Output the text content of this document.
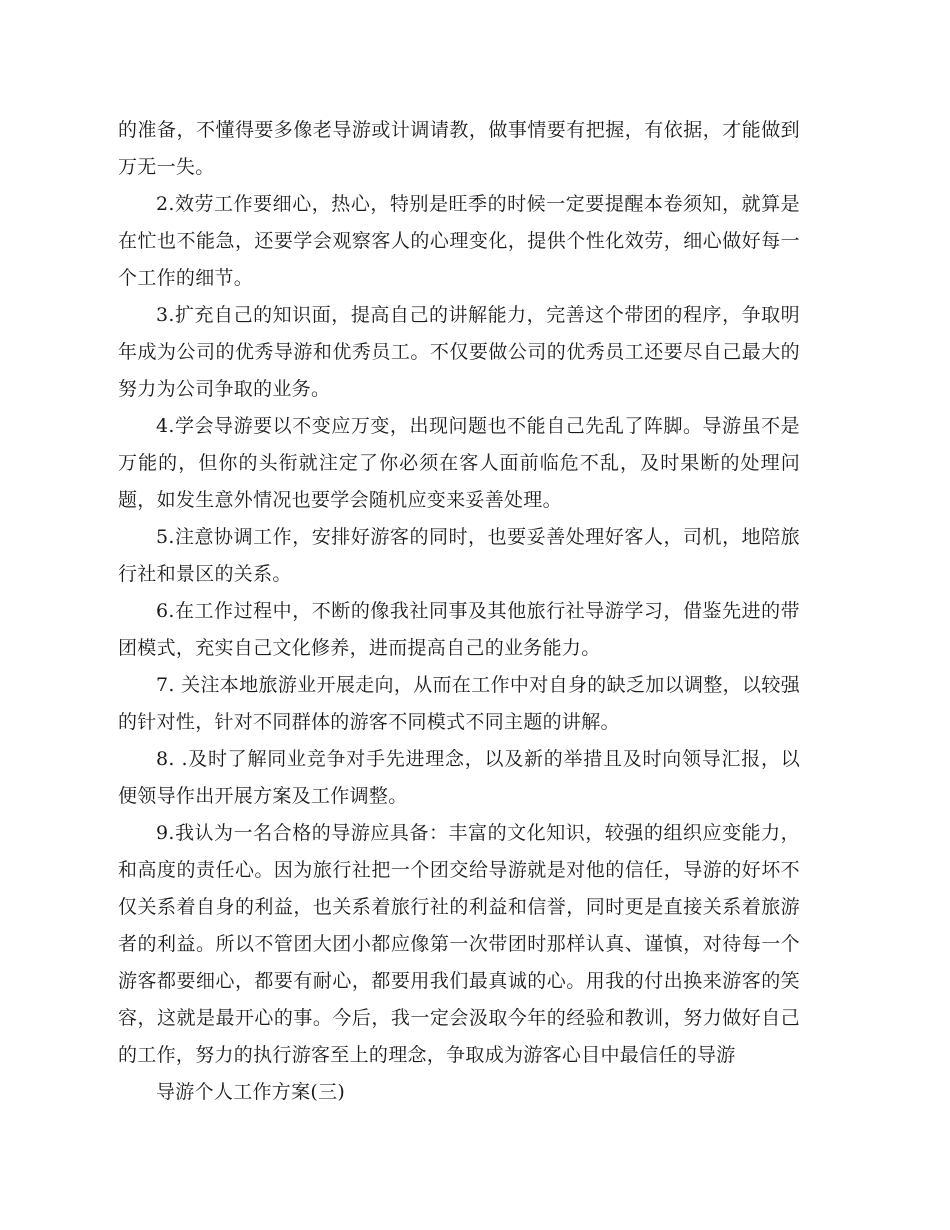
的准备，不懂得要多像老导游或计调请教，做事情要有把握，有依据，才能做到万无一失。

2.效劳工作要细心，热心，特别是旺季的时候一定要提醒本卷须知，就算是在忙也不能急，还要学会观察客人的心理变化，提供个性化效劳，细心做好每一个工作的细节。

3.扩充自己的知识面，提高自己的讲解能力，完善这个带团的程序，争取明年成为公司的优秀导游和优秀员工。不仅要做公司的优秀员工还要尽自己最大的努力为公司争取的业务。

4.学会导游要以不变应万变，出现问题也不能自己先乱了阵脚。导游虽不是万能的，但你的头衔就注定了你必须在客人面前临危不乱，及时果断的处理问题，如发生意外情况也要学会随机应变来妥善处理。

5.注意协调工作，安排好游客的同时，也要妥善处理好客人，司机，地陪旅行社和景区的关系。

6.在工作过程中，不断的像我社同事及其他旅行社导游学习，借鉴先进的带团模式，充实自己文化修养，进而提高自己的业务能力。

7. 关注本地旅游业开展走向，从而在工作中对自身的缺乏加以调整，以较强的针对性，针对不同群体的游客不同模式不同主题的讲解。

8. .及时了解同业竞争对手先进理念，以及新的举措且及时向领导汇报，以便领导作出开展方案及工作调整。

9.我认为一名合格的导游应具备：丰富的文化知识，较强的组织应变能力，和高度的责任心。因为旅行社把一个团交给导游就是对他的信任，导游的好坏不仅关系着自身的利益，也关系着旅行社的利益和信誉，同时更是直接关系着旅游者的利益。所以不管团大团小都应像第一次带团时那样认真、谨慎，对待每一个游客都要细心，都要有耐心，都要用我们最真诚的心。用我的付出换来游客的笑容，这就是最开心的事。今后，我一定会汲取今年的经验和教训，努力做好自己的工作，努力的执行游客至上的理念，争取成为游客心目中最信任的导游

导游个人工作方案(三)
